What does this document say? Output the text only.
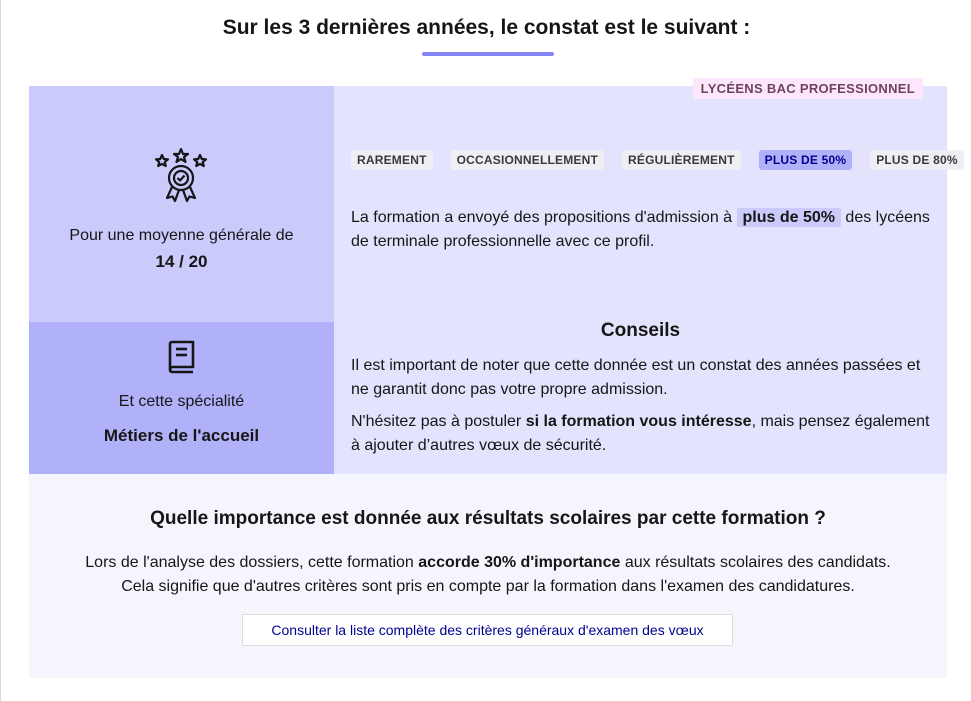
Sur les 3 dernières années, le constat est le suivant :

Pour une moyenne générale de

14 / 20

Et cette spécialité

Métiers de l'accueil

LYCÉENS BAC PROFESSIONNEL
RAREMENT	OCCASIONNELLEMENT	RÉGULIÈREMENT	PLUS DE 50%	PLUS DE 80%

La formation a envoyé des propositions d'admission à plus de 50% des lycéens de terminale professionnelle avec ce profil.

Conseils

Il est important de noter que cette donnée est un constat des années passées et ne garantit donc pas votre propre admission.

N'hésitez pas à postuler si la formation vous intéresse, mais pensez également à ajouter d’autres vœux de sécurité.

Quelle importance est donnée aux résultats scolaires par cette formation ?

Lors de l'analyse des dossiers, cette formation accorde 30% d'importance aux résultats scolaires des candidats.

Cela signifie que d'autres critères sont pris en compte par la formation dans l'examen des candidatures.

Consulter la liste complète des critères généraux d'examen des vœux
